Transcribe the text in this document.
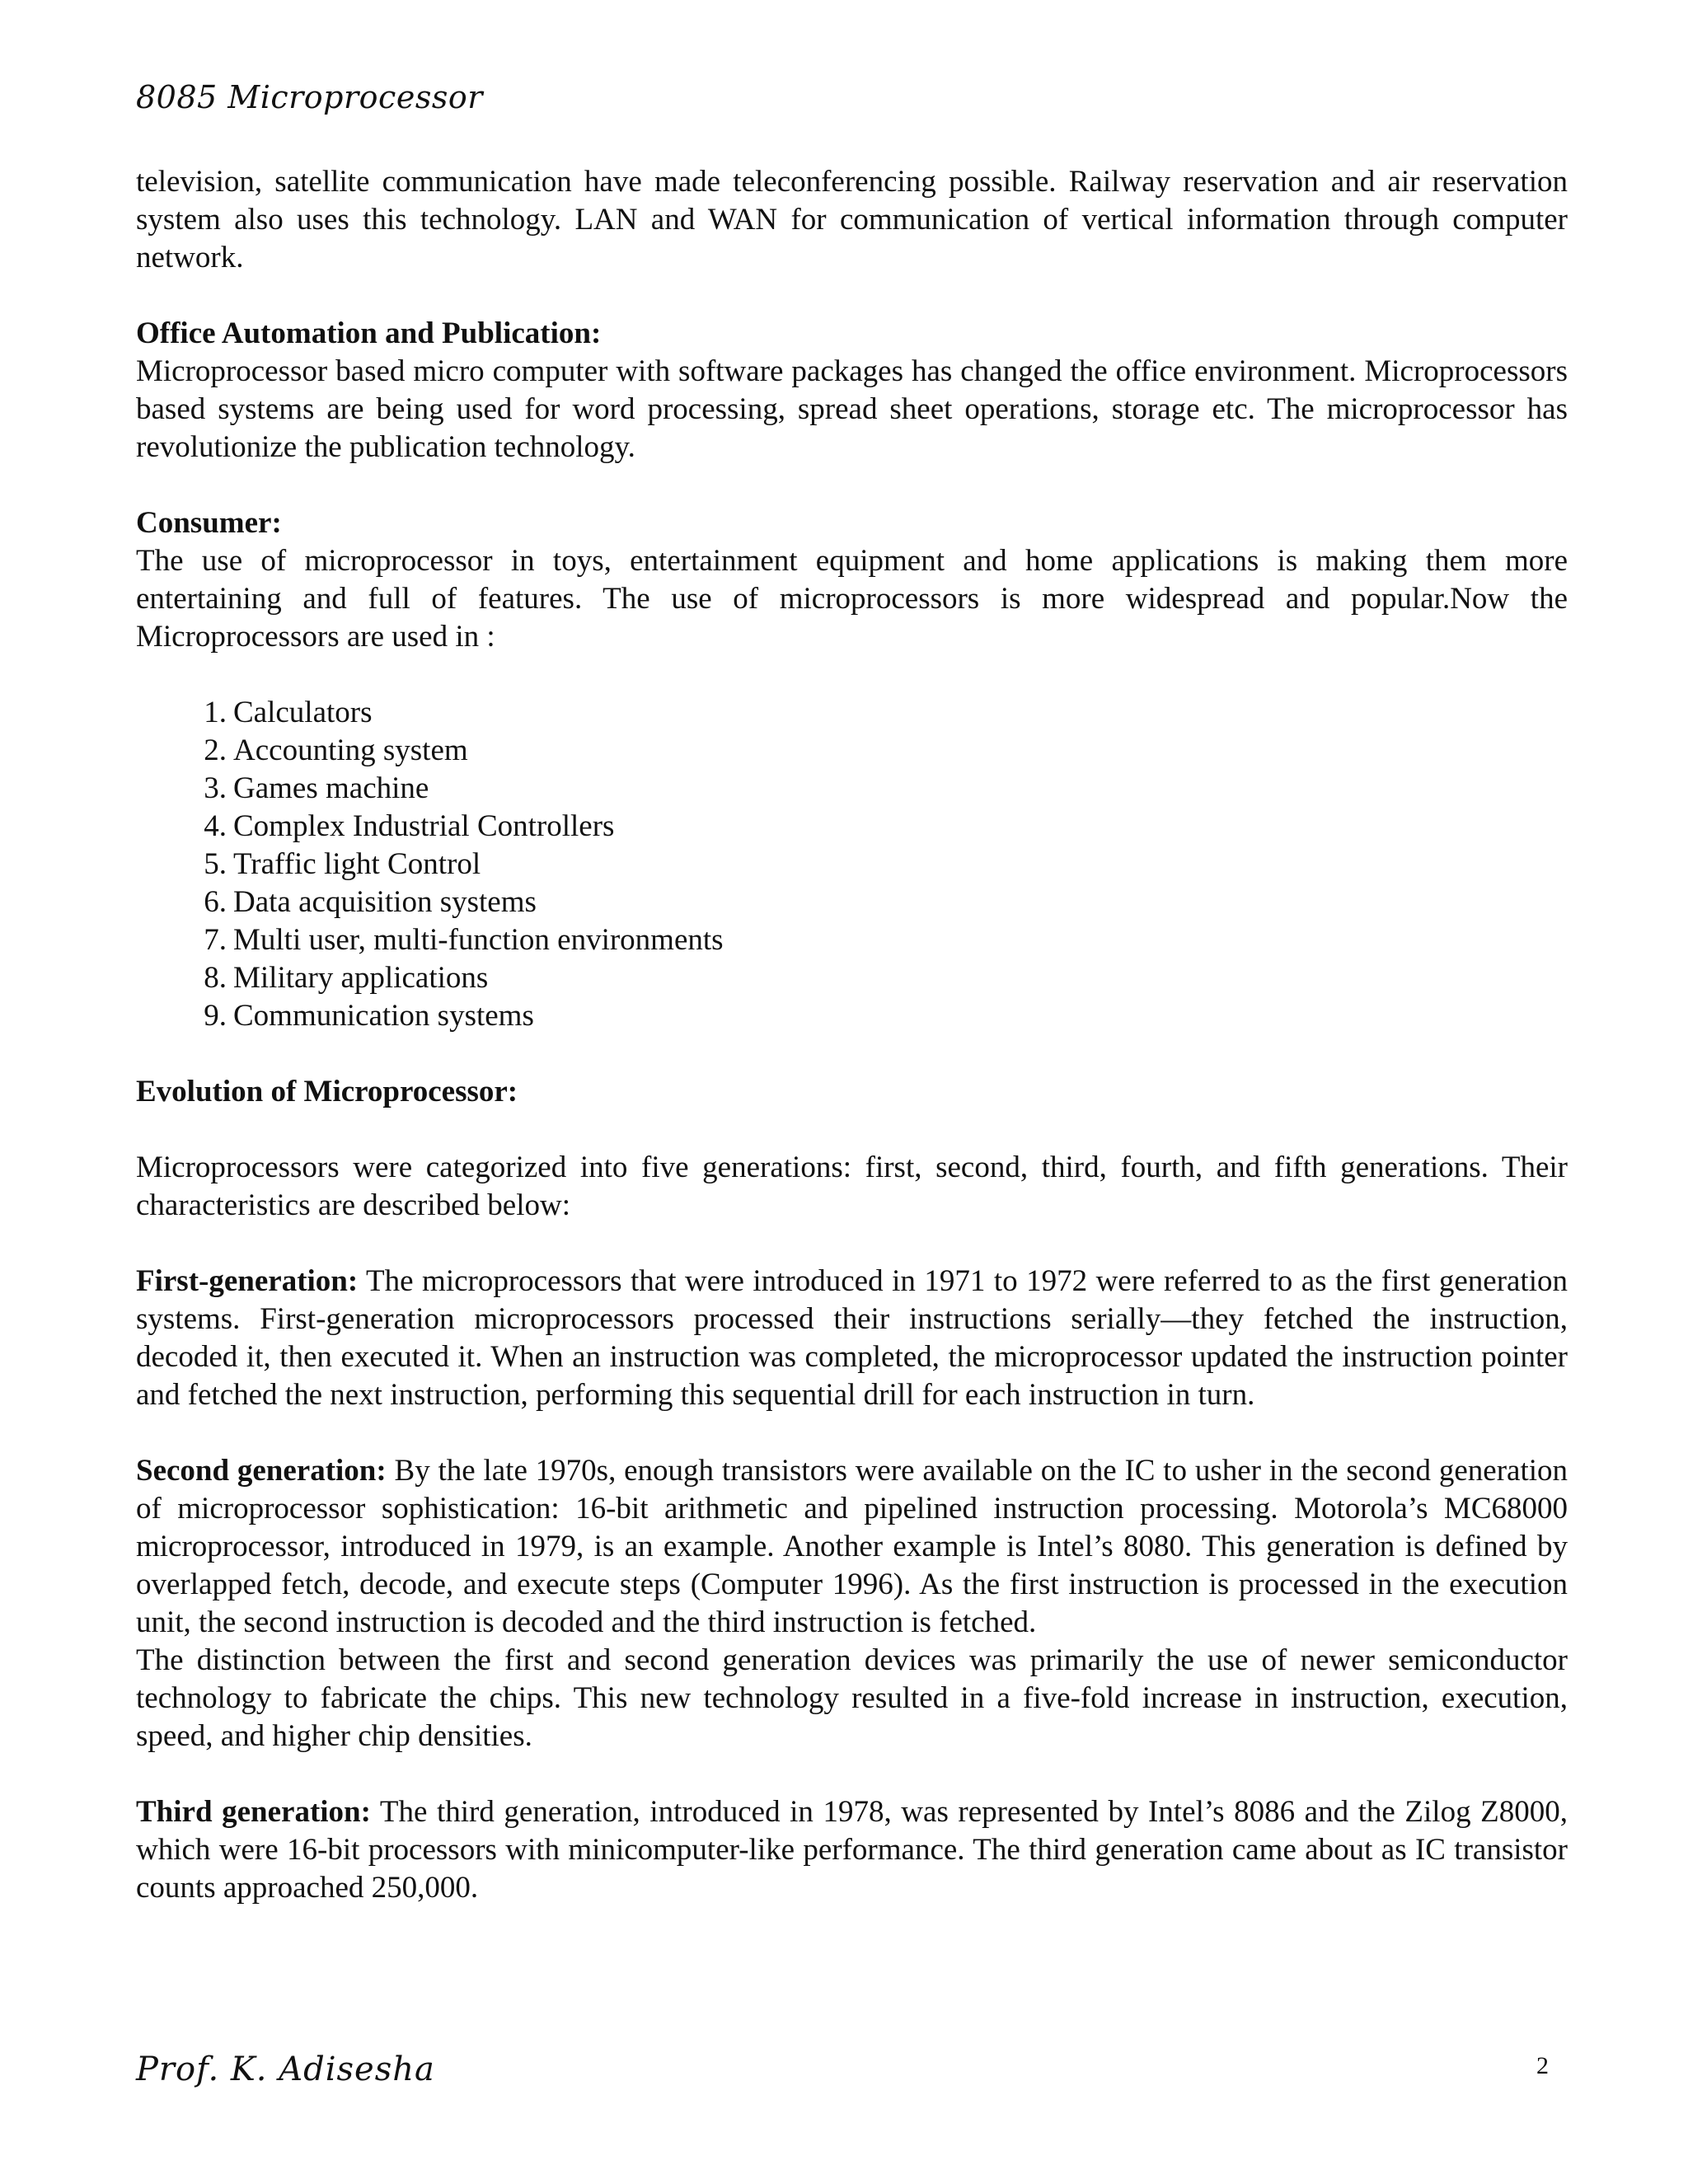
8085 Microprocessor

television, satellite communication have made teleconferencing possible. Railway reservation and air reservation system also uses this technology. LAN and WAN for communication of vertical information through computer network.

Office Automation and Publication:

Microprocessor based micro computer with software packages has changed the office environment. Microprocessors based systems are being used for word processing, spread sheet operations, storage etc. The microprocessor has revolutionize the publication technology.

Consumer:

The use of microprocessor in toys, entertainment equipment and home applications is making them more entertaining and full of features. The use of microprocessors is more widespread and popular.Now the Microprocessors are used in :

1. Calculators
2. Accounting system
3. Games machine
4. Complex Industrial Controllers
5. Traffic light Control
6. Data acquisition systems
7. Multi user, multi-function environments
8. Military applications
9. Communication systems

Evolution of Microprocessor:

Microprocessors were categorized into five generations: first, second, third, fourth, and fifth generations. Their characteristics are described below:

First-generation: The microprocessors that were introduced in 1971 to 1972 were referred to as the first generation systems. First-generation microprocessors processed their instructions serially—they fetched the instruction, decoded it, then executed it. When an instruction was completed, the microprocessor updated the instruction pointer and fetched the next instruction, performing this sequential drill for each instruction in turn.

Second generation: By the late 1970s, enough transistors were available on the IC to usher in the second generation of microprocessor sophistication: 16-bit arithmetic and pipelined instruction processing. Motorola’s MC68000 microprocessor, introduced in 1979, is an example. Another example is Intel’s 8080. This generation is defined by overlapped fetch, decode, and execute steps (Computer 1996). As the first instruction is processed in the execution unit, the second instruction is decoded and the third instruction is fetched.

The distinction between the first and second generation devices was primarily the use of newer semiconductor technology to fabricate the chips. This new technology resulted in a five-fold increase in instruction, execution, speed, and higher chip densities.

Third generation: The third generation, introduced in 1978, was represented by Intel’s 8086 and the Zilog Z8000, which were 16-bit processors with minicomputer-like performance. The third generation came about as IC transistor counts approached 250,000.

Prof. K. Adisesha	2
